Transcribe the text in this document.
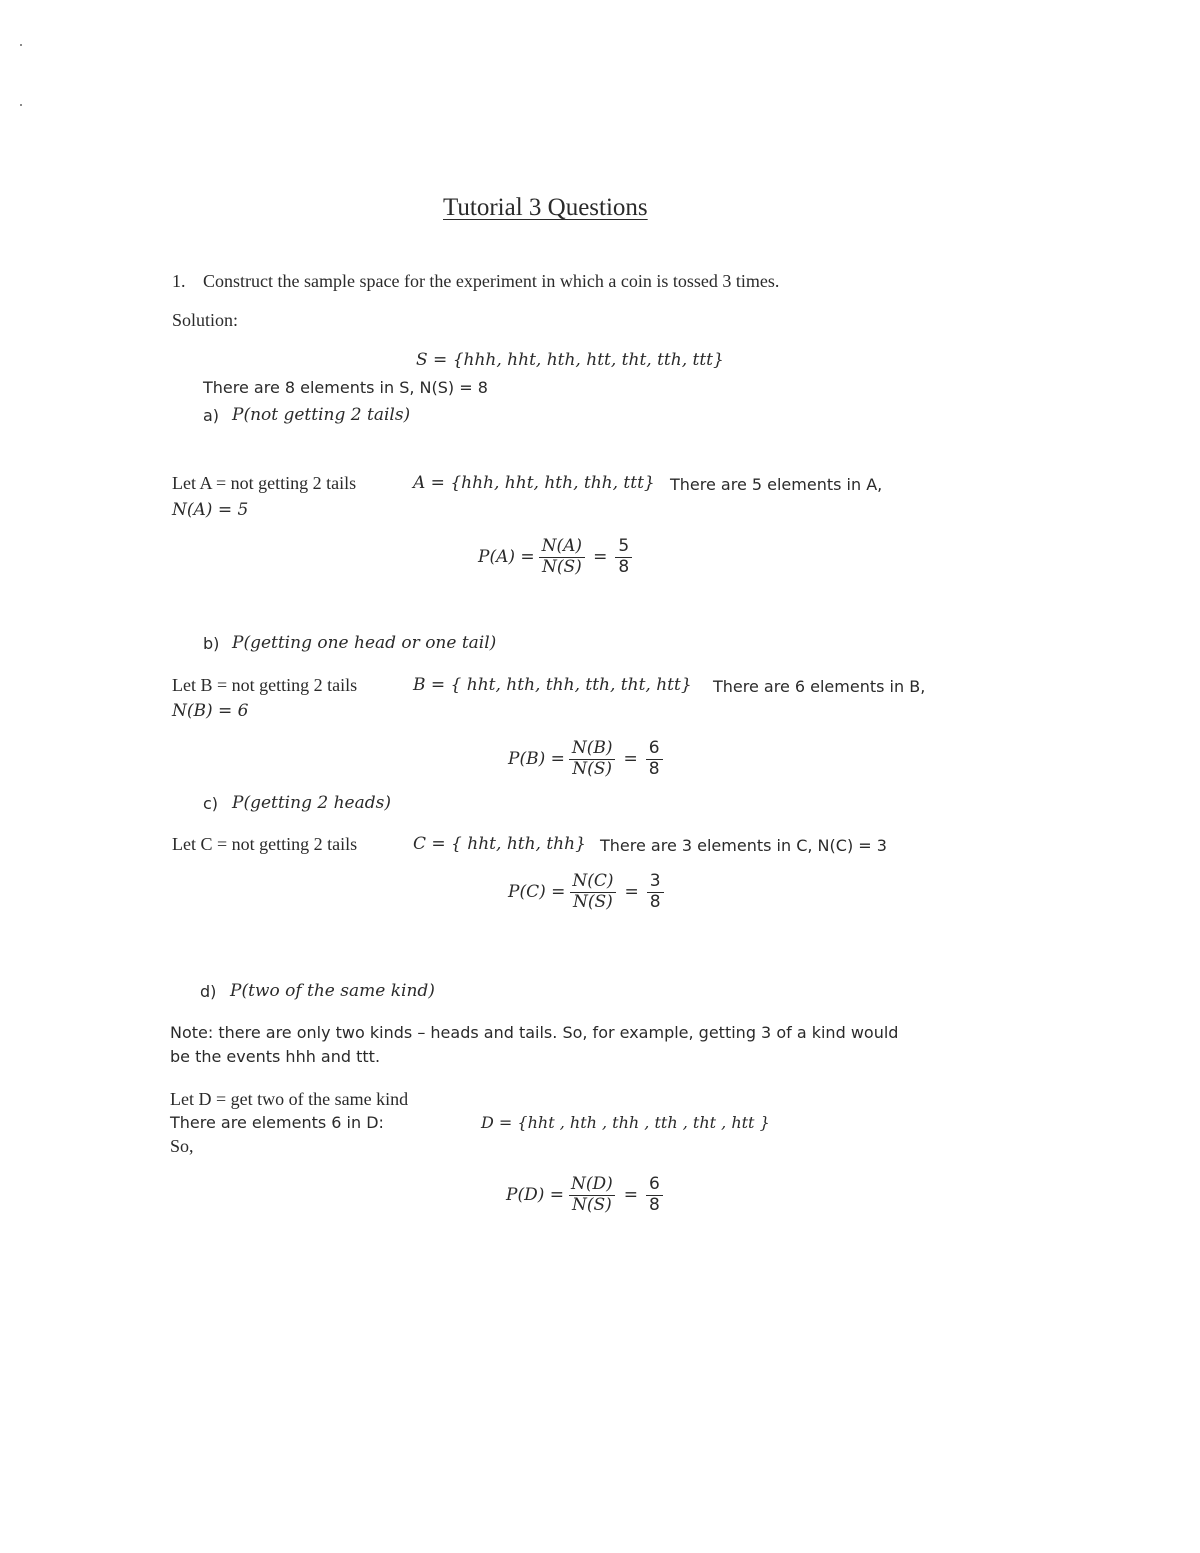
Tutorial 3 Questions
1. Construct the sample space for the experiment in which a coin is tossed 3 times.
Solution:
S = {hhh, hht, hth, htt, tht, tth, ttt}
There are 8 elements in S, N(S) = 8
a) P(not getting 2 tails)
Let A = not getting 2 tails	A = {hhh, hht, hth, thh, ttt} There are 5 elements in A,
N(A) = 5
$P(A) = \frac{N(A)}{N(S)} = \frac{5}{8}$
b) P(getting one head or one tail)
Let B = not getting 2 tails	B = { hht, hth, thh, tth, tht, htt} There are 6 elements in B,
N(B) = 6
$P(B) = \frac{N(B)}{N(S)} = \frac{6}{8}$
c) P(getting 2 heads)
Let C = not getting 2 tails	C = { hht, hth, thh} There are 3 elements in C, N(C) = 3
$P(C) = \frac{N(C)}{N(S)} = \frac{3}{8}$
d) P(two of the same kind)
Note: there are only two kinds – heads and tails. So, for example, getting 3 of a kind would
be the events hhh and ttt.
Let D = get two of the same kind
There are elements 6 in D:	D = {hht , hth , thh , tth , tht , htt }
So,
$P(D) = \frac{N(D)}{N(S)} = \frac{6}{8}$
